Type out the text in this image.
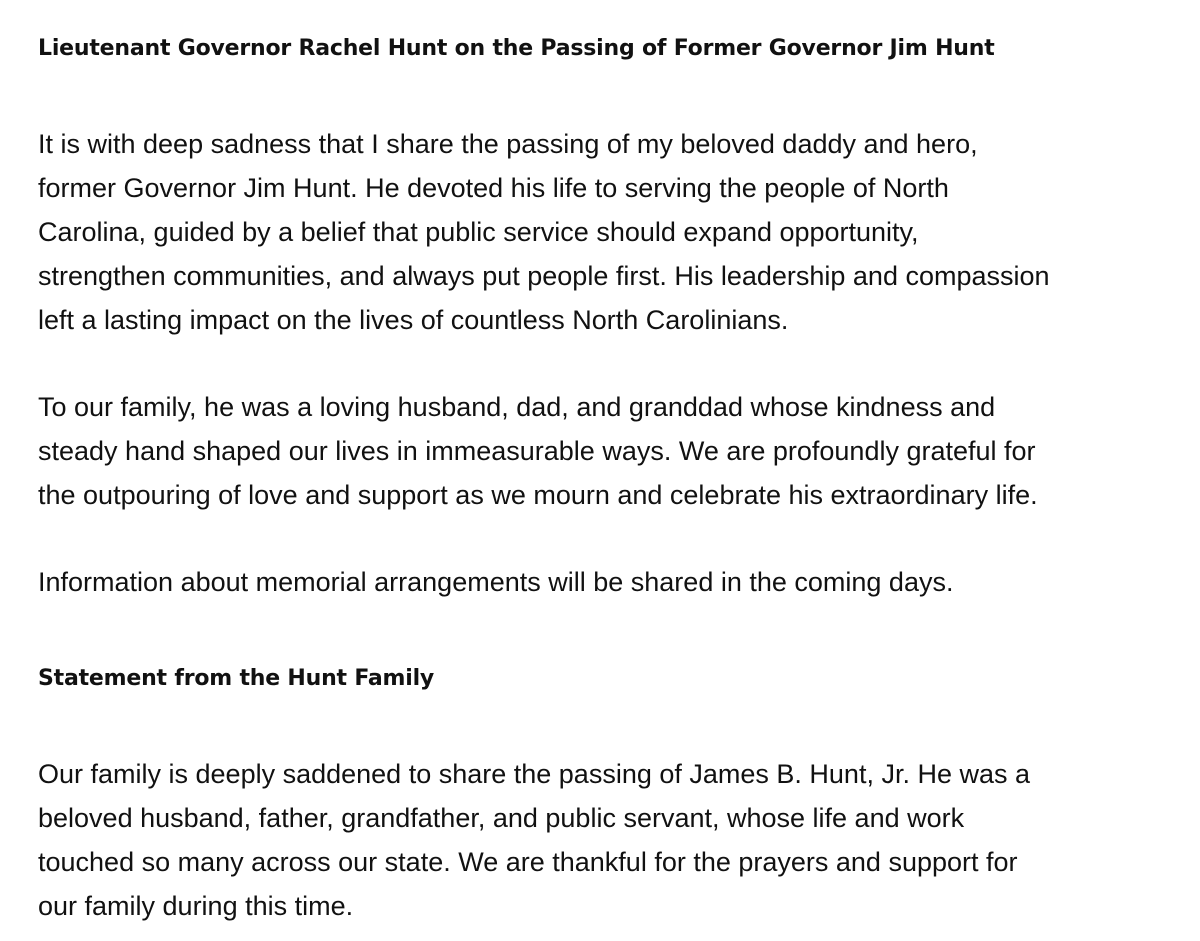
Lieutenant Governor Rachel Hunt on the Passing of Former Governor Jim Hunt

It is with deep sadness that I share the passing of my beloved daddy and hero,
former Governor Jim Hunt. He devoted his life to serving the people of North
Carolina, guided by a belief that public service should expand opportunity,
strengthen communities, and always put people first. His leadership and compassion
left a lasting impact on the lives of countless North Carolinians.

To our family, he was a loving husband, dad, and granddad whose kindness and
steady hand shaped our lives in immeasurable ways. We are profoundly grateful for
the outpouring of love and support as we mourn and celebrate his extraordinary life.

Information about memorial arrangements will be shared in the coming days.

Statement from the Hunt Family

Our family is deeply saddened to share the passing of James B. Hunt, Jr. He was a
beloved husband, father, grandfather, and public servant, whose life and work
touched so many across our state. We are thankful for the prayers and support for
our family during this time.
